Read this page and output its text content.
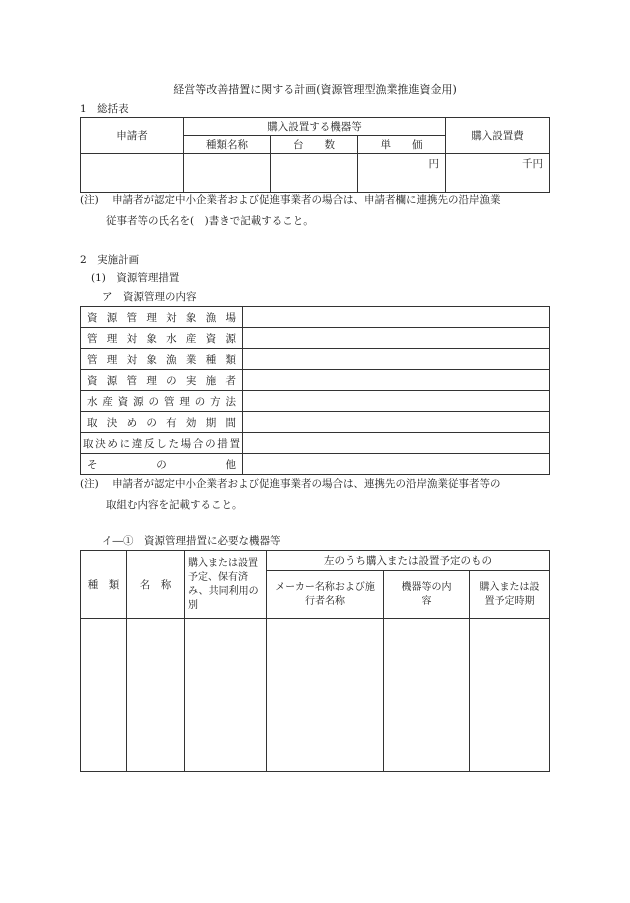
経営等改善措置に関する計画(資源管理型漁業推進資金用)
1　総括表
申請者	購入設置する機器等			購入設置費
	種類名称	台　　数	単　　価	
			円	千円
(注) 申請者が認定中小企業者および促進事業者の場合は、申請者欄に連携先の沿岸漁業
従事者等の氏名を(　)書きで記載すること。
2　実施計画
(1)　資源管理措置
ア　資源管理の内容
資源管理対象漁場	
管理対象水産資源	
管理対象漁業種類	
資源管理の実施者	
水産資源の管理の方法	
取決めの有効期間	
取決めに違反した場合の措置	
その他	
(注) 申請者が認定中小企業者および促進事業者の場合は、連携先の沿岸漁業従事者等の
取組む内容を記載すること。
イ―①　資源管理措置に必要な機器等
種　類	名　称	購入または設置予定、保有済み、共同利用の別	左のうち購入または設置予定のもの		
			メーカー名称および施行者名称	機器等の内容	購入または設置予定時期
